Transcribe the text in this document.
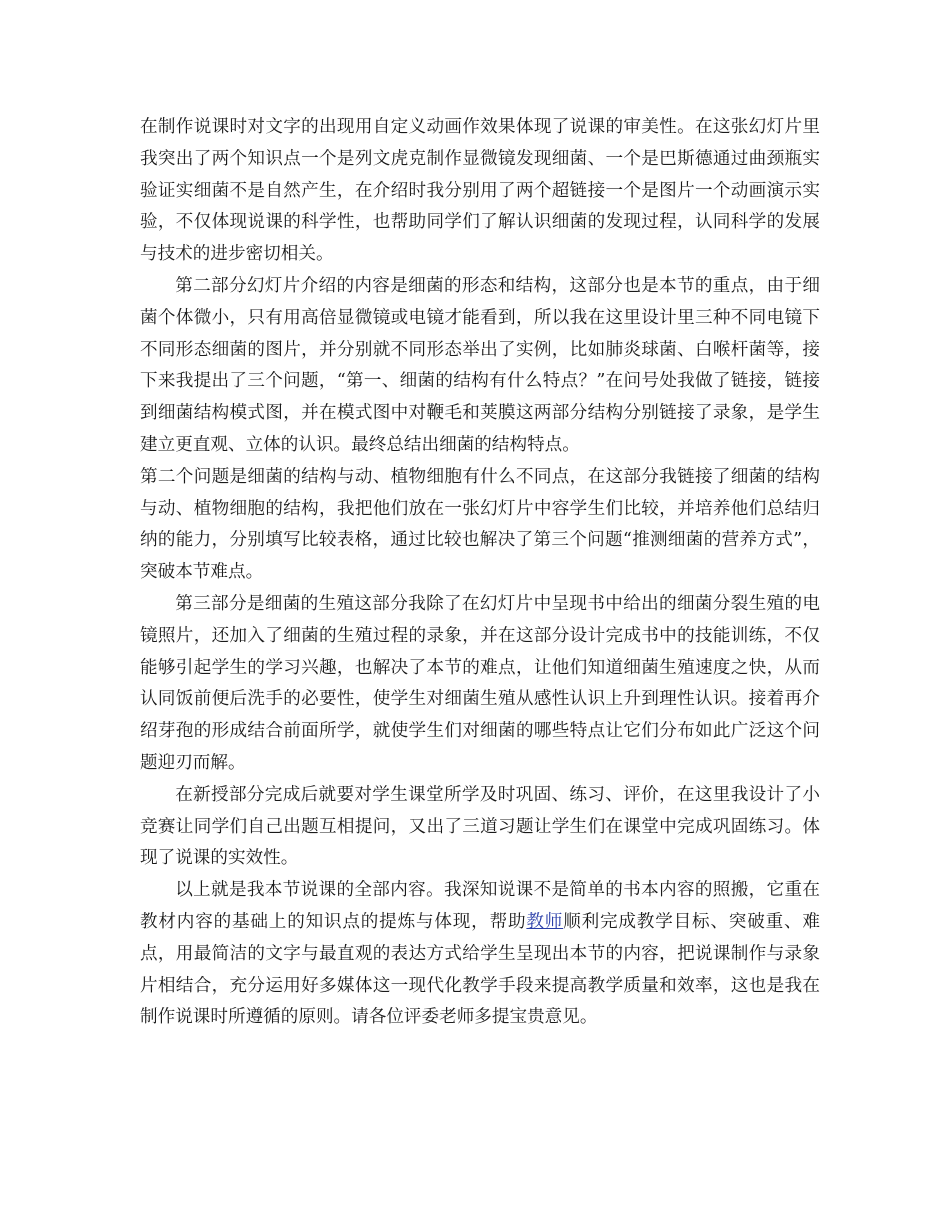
在制作说课时对文字的出现用自定义动画作效果体现了说课的审美性。在这张幻灯片里我突出了两个知识点一个是列文虎克制作显微镜发现细菌、一个是巴斯德通过曲颈瓶实验证实细菌不是自然产生，在介绍时我分别用了两个超链接一个是图片一个动画演示实验，不仅体现说课的科学性，也帮助同学们了解认识细菌的发现过程，认同科学的发展与技术的进步密切相关。

第二部分幻灯片介绍的内容是细菌的形态和结构，这部分也是本节的重点，由于细菌个体微小，只有用高倍显微镜或电镜才能看到，所以我在这里设计里三种不同电镜下不同形态细菌的图片，并分别就不同形态举出了实例，比如肺炎球菌、白喉杆菌等，接下来我提出了三个问题，“第一、细菌的结构有什么特点？”在问号处我做了链接，链接到细菌结构模式图，并在模式图中对鞭毛和荚膜这两部分结构分别链接了录象，是学生建立更直观、立体的认识。最终总结出细菌的结构特点。

第二个问题是细菌的结构与动、植物细胞有什么不同点，在这部分我链接了细菌的结构与动、植物细胞的结构，我把他们放在一张幻灯片中容学生们比较，并培养他们总结归纳的能力，分别填写比较表格，通过比较也解决了第三个问题“推测细菌的营养方式”，突破本节难点。

第三部分是细菌的生殖这部分我除了在幻灯片中呈现书中给出的细菌分裂生殖的电镜照片，还加入了细菌的生殖过程的录象，并在这部分设计完成书中的技能训练，不仅能够引起学生的学习兴趣，也解决了本节的难点，让他们知道细菌生殖速度之快，从而认同饭前便后洗手的必要性，使学生对细菌生殖从感性认识上升到理性认识。接着再介绍芽孢的形成结合前面所学，就使学生们对细菌的哪些特点让它们分布如此广泛这个问题迎刃而解。

在新授部分完成后就要对学生课堂所学及时巩固、练习、评价，在这里我设计了小竞赛让同学们自己出题互相提问，又出了三道习题让学生们在课堂中完成巩固练习。体现了说课的实效性。

以上就是我本节说课的全部内容。我深知说课不是简单的书本内容的照搬，它重在教材内容的基础上的知识点的提炼与体现，帮助教师顺利完成教学目标、突破重、难点，用最简洁的文字与最直观的表达方式给学生呈现出本节的内容，把说课制作与录象片相结合，充分运用好多媒体这一现代化教学手段来提高教学质量和效率，这也是我在制作说课时所遵循的原则。请各位评委老师多提宝贵意见。
